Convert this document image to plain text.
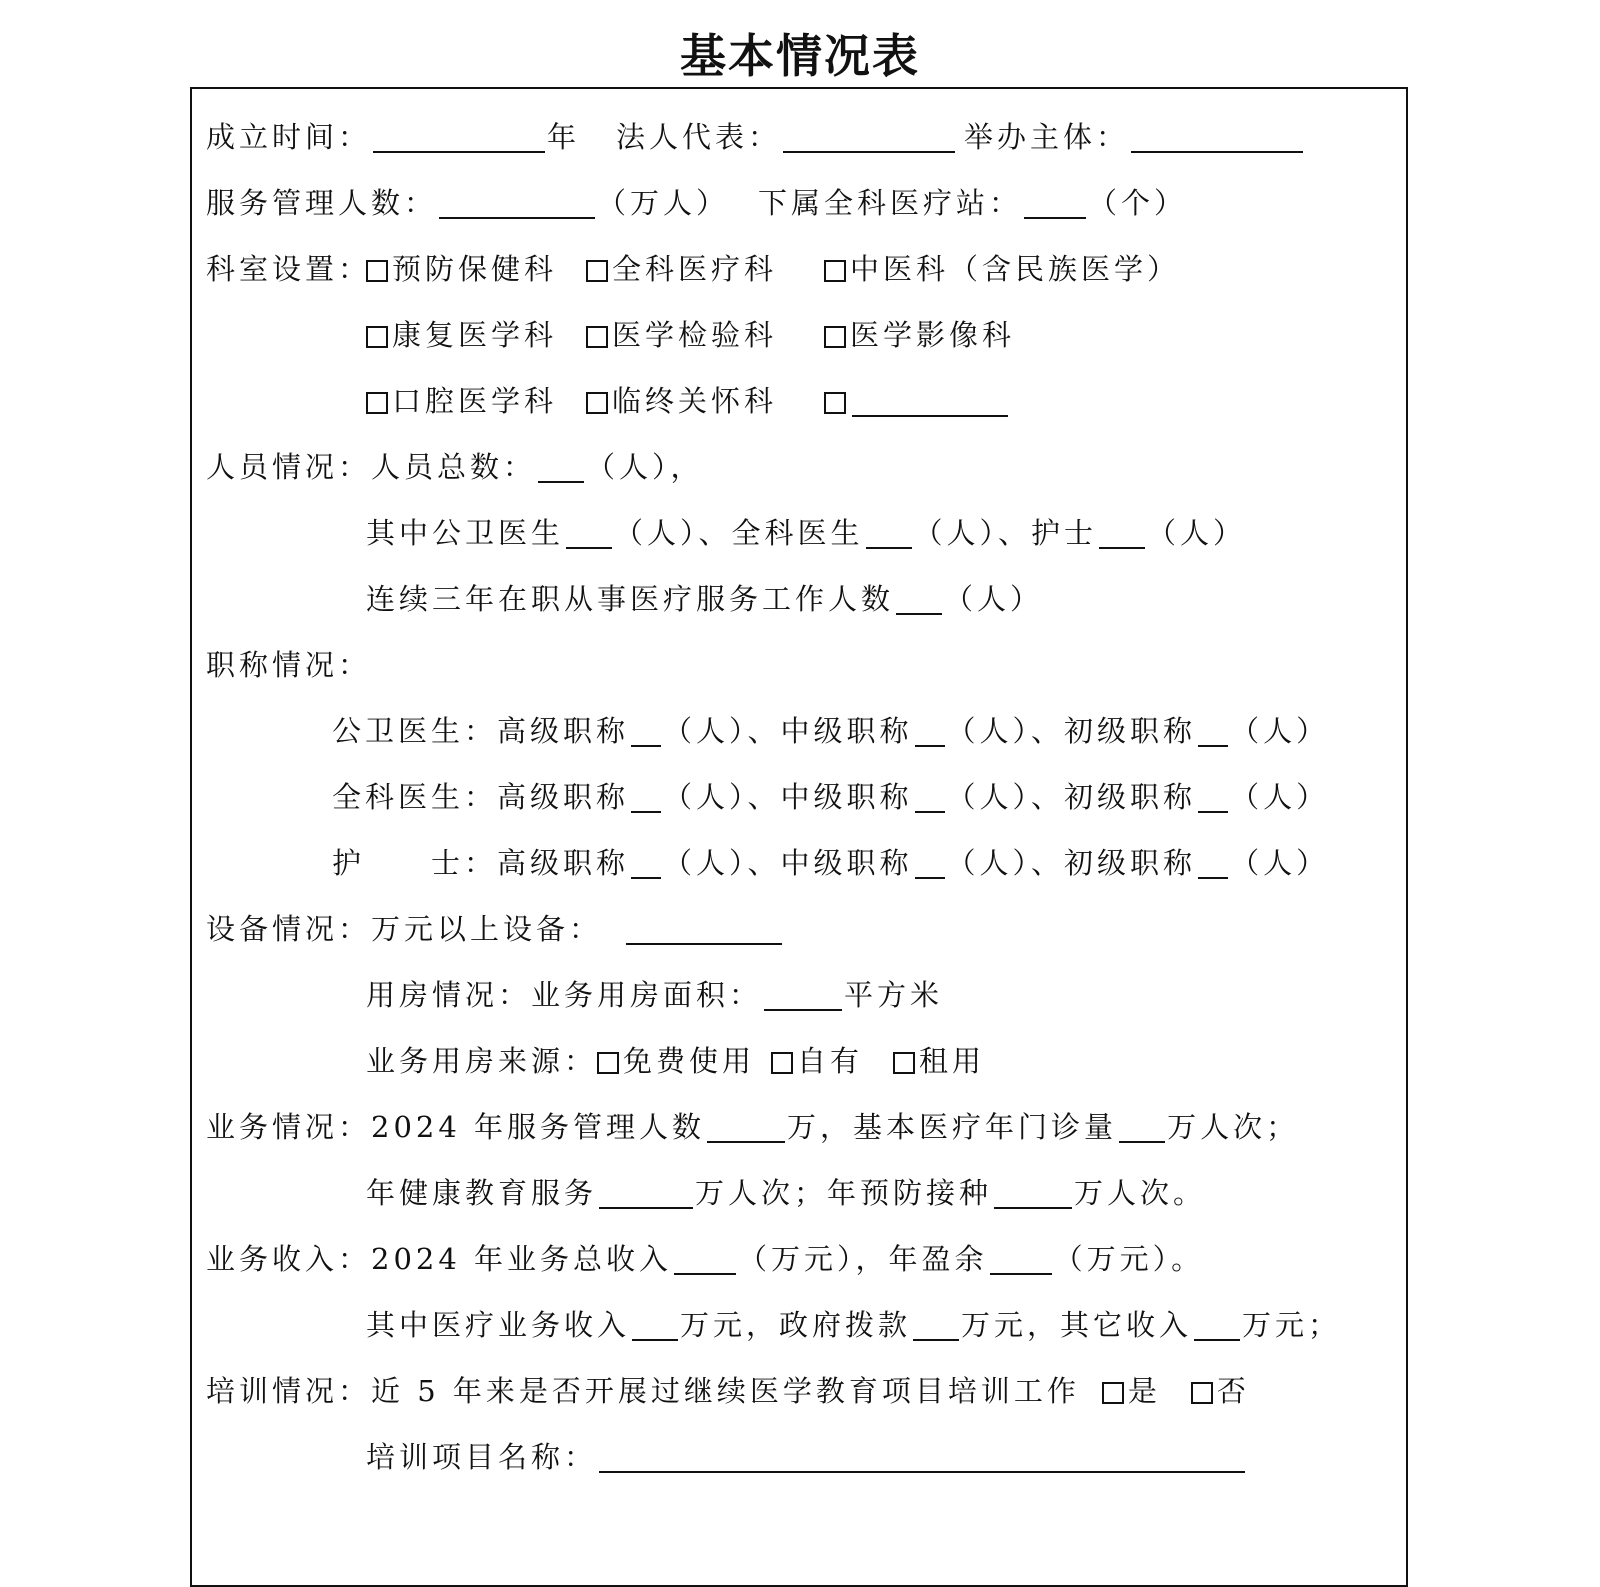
基本情况表
成立时间：	年 法人代表：	举办主体：
服务管理人数：	（万人） 下属全科医疗站： （个）
科室设置： 预防保健科	全科医疗科	中医科（含民族医学）
康复医学科	医学检验科	医学影像科
口腔医学科	临终关怀科
人员情况：人员总数： （人），
其中公卫医生 （人）、全科医生 （人）、护士 （人）
连续三年在职从事医疗服务工作人数 （人）
职称情况：
公卫医生：高级职称 （人）、中级职称 （人）、初级职称 （人）
全科医生：高级职称 （人）、中级职称 （人）、初级职称 （人）
护　　士：高级职称 （人）、中级职称 （人）、初级职称 （人）
设备情况：万元以上设备：
用房情况：业务用房面积：	平方米
业务用房来源： 免费使用 自有 租用
业务情况：2024 年服务管理人数	万，基本医疗年门诊量 万人次；
年健康教育服务	万人次；年预防接种	万人次。
业务收入：2024 年业务总收入 （万元），年盈余 （万元）。
其中医疗业务收入 万元，政府拨款 万元，其它收入 万元；
培训情况：近 5 年来是否开展过继续医学教育项目培训工作 是 否
培训项目名称：
